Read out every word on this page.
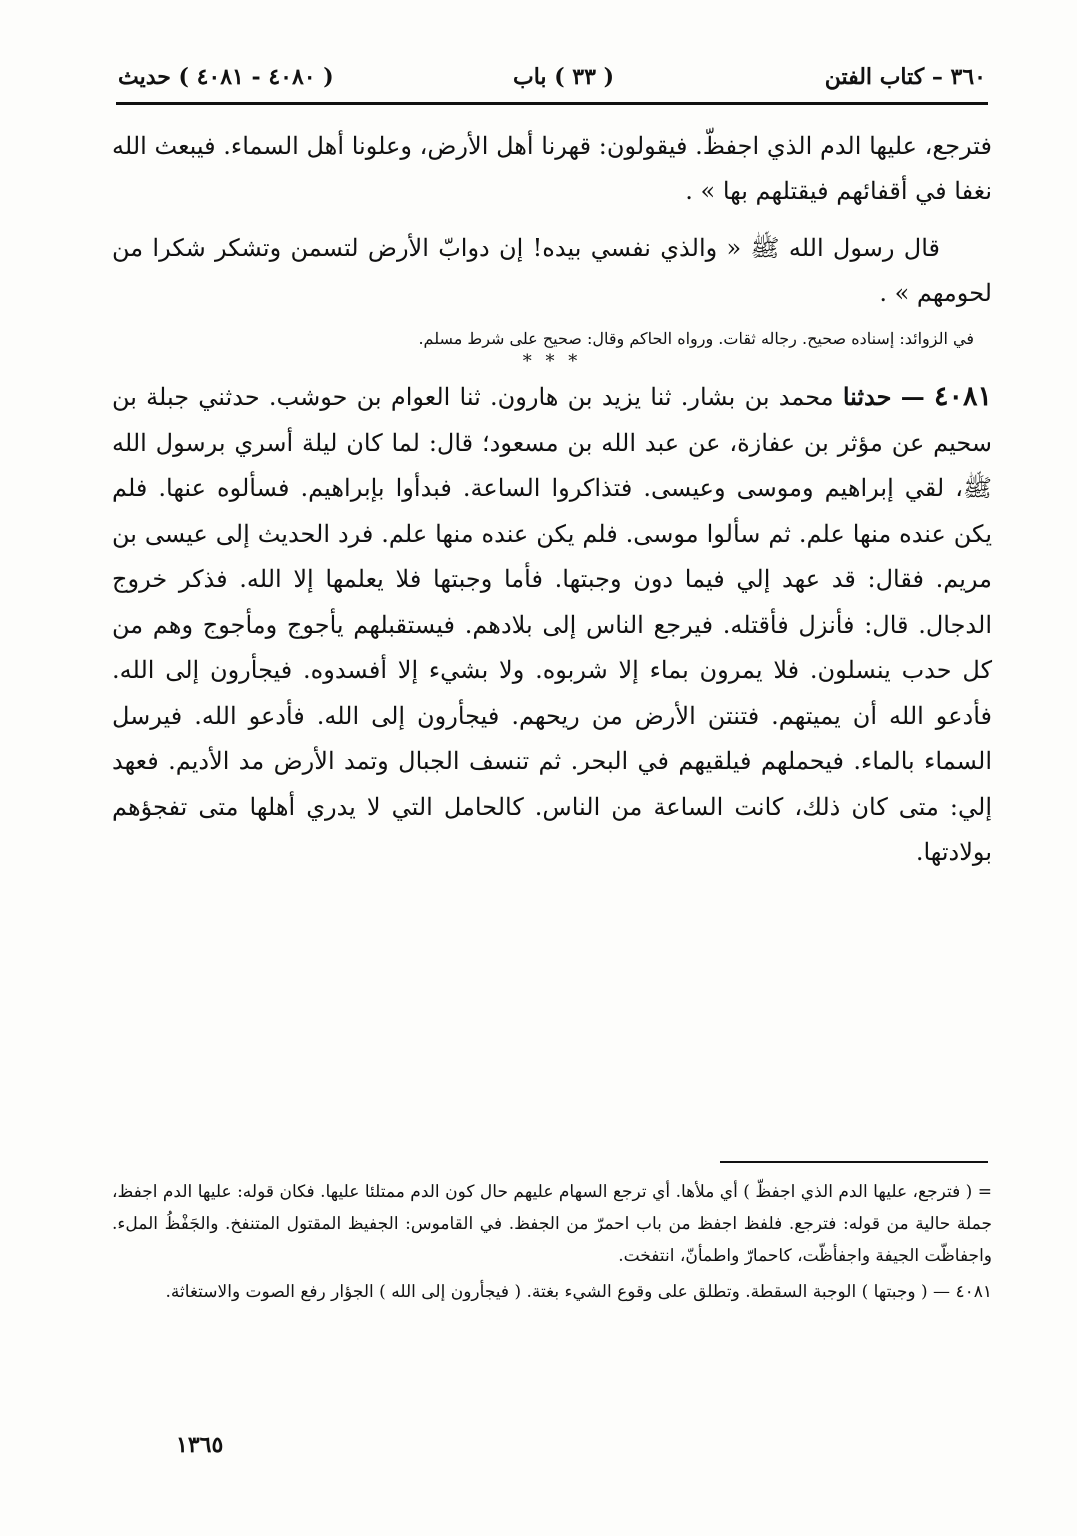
٣٦٠ – كتاب الفتن
( ٣٣ ) باب
( ٤٠٨٠ - ٤٠٨١ ) حديث

فترجع، عليها الدم الذي اجفظّ. فيقولون: قهرنا أهل الأرض، وعلونا أهل السماء. فيبعث الله نغفا في أقفائهم فيقتلهم بها » .

قال رسول الله ﷺ « والذي نفسي بيده! إن دوابّ الأرض لتسمن وتشكر شكرا من لحومهم » .

في الزوائد: إسناده صحيح. رجاله ثقات. ورواه الحاكم وقال: صحيح على شرط مسلم.

* * *

٤٠٨١ — حدثنا محمد بن بشار. ثنا يزيد بن هارون. ثنا العوام بن حوشب. حدثني جبلة بن سحيم عن مؤثر بن عفازة، عن عبد الله بن مسعود؛ قال: لما كان ليلة أسري برسول الله ﷺ، لقي إبراهيم وموسى وعيسى. فتذاكروا الساعة. فبدأوا بإبراهيم. فسألوه عنها. فلم يكن عنده منها علم. ثم سألوا موسى. فلم يكن عنده منها علم. فرد الحديث إلى عيسى بن مريم. فقال: قد عهد إلي فيما دون وجبتها. فأما وجبتها فلا يعلمها إلا الله. فذكر خروج الدجال. قال: فأنزل فأقتله. فيرجع الناس إلى بلادهم. فيستقبلهم يأجوج ومأجوج وهم من كل حدب ينسلون. فلا يمرون بماء إلا شربوه. ولا بشيء إلا أفسدوه. فيجأرون إلى الله. فأدعو الله أن يميتهم. فتنتن الأرض من ريحهم. فيجأرون إلى الله. فأدعو الله. فيرسل السماء بالماء. فيحملهم فيلقيهم في البحر. ثم تنسف الجبال وتمد الأرض مد الأديم. فعهد إلي: متى كان ذلك، كانت الساعة من الناس. كالحامل التي لا يدري أهلها متى تفجؤهم بولادتها.

= ( فترجع، عليها الدم الذي اجفظّ ) أي ملأها. أي ترجع السهام عليهم حال كون الدم ممتلئا عليها. فكان قوله: عليها الدم اجفظ، جملة حالية من قوله: فترجع. فلفظ اجفظ من باب احمرّ من الجفظ. في القاموس: الجفيظ المقتول المتنفخ. والجَفْظُ الملء. واجفاظّت الجيفة واجفأظّت، كاحمارّ واطمأنّ، انتفخت.

٤٠٨١ — ( وجبتها ) الوجبة السقطة. وتطلق على وقوع الشيء بغتة. ( فيجأرون إلى الله ) الجؤار رفع الصوت والاستغاثة.

١٣٦٥
